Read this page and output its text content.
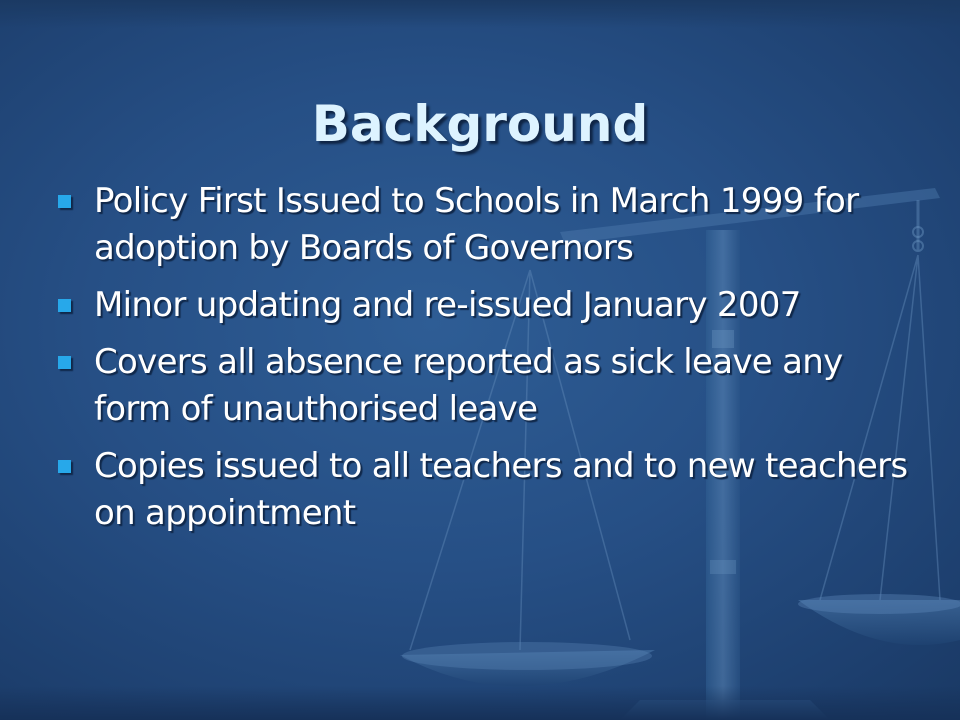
Background
Policy First Issued to Schools in March 1999 for adoption by Boards of Governors
Minor updating and re-issued January 2007
Covers all absence reported as sick leave any form of unauthorised leave
Copies issued to all teachers and to new teachers on appointment
